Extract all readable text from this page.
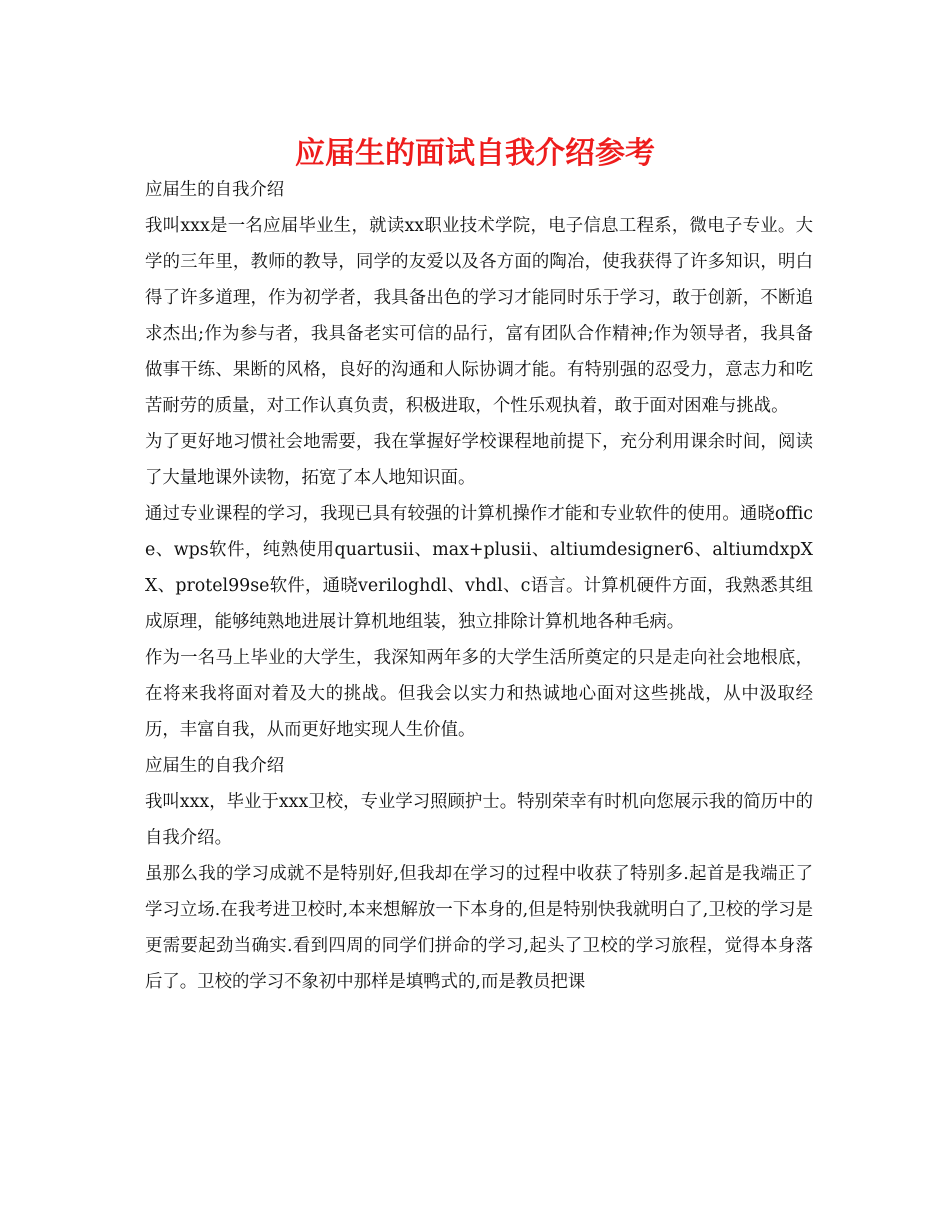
应届生的面试自我介绍参考

应届生的自我介绍

我叫xxx是一名应届毕业生，就读xx职业技术学院，电子信息工程系，微电子专业。大学的三年里，教师的教导，同学的友爱以及各方面的陶冶，使我获得了许多知识，明白得了许多道理，作为初学者，我具备出色的学习才能同时乐于学习，敢于创新，不断追求杰出;作为参与者，我具备老实可信的品行，富有团队合作精神;作为领导者，我具备做事干练、果断的风格，良好的沟通和人际协调才能。有特别强的忍受力，意志力和吃苦耐劳的质量，对工作认真负责，积极进取，个性乐观执着，敢于面对困难与挑战。

为了更好地习惯社会地需要，我在掌握好学校课程地前提下，充分利用课余时间，阅读了大量地课外读物，拓宽了本人地知识面。

通过专业课程的学习，我现已具有较强的计算机操作才能和专业软件的使用。通晓office、wps软件，纯熟使用quartusii、max+plusii、altiumdesigner6、altiumdxpXX、protel99se软件，通晓veriloghdl、vhdl、c语言。计算机硬件方面，我熟悉其组成原理，能够纯熟地进展计算机地组装，独立排除计算机地各种毛病。

作为一名马上毕业的大学生，我深知两年多的大学生活所奠定的只是走向社会地根底，在将来我将面对着及大的挑战。但我会以实力和热诚地心面对这些挑战，从中汲取经历，丰富自我，从而更好地实现人生价值。

应届生的自我介绍

我叫xxx，毕业于xxx卫校，专业学习照顾护士。特别荣幸有时机向您展示我的简历中的自我介绍。

虽那么我的学习成就不是特别好,但我却在学习的过程中收获了特别多.起首是我端正了学习立场.在我考进卫校时,本来想解放一下本身的,但是特别快我就明白了,卫校的学习是更需要起劲当确实.看到四周的同学们拼命的学习,起头了卫校的学习旅程，觉得本身落后了。卫校的学习不象初中那样是填鸭式的,而是教员把课
